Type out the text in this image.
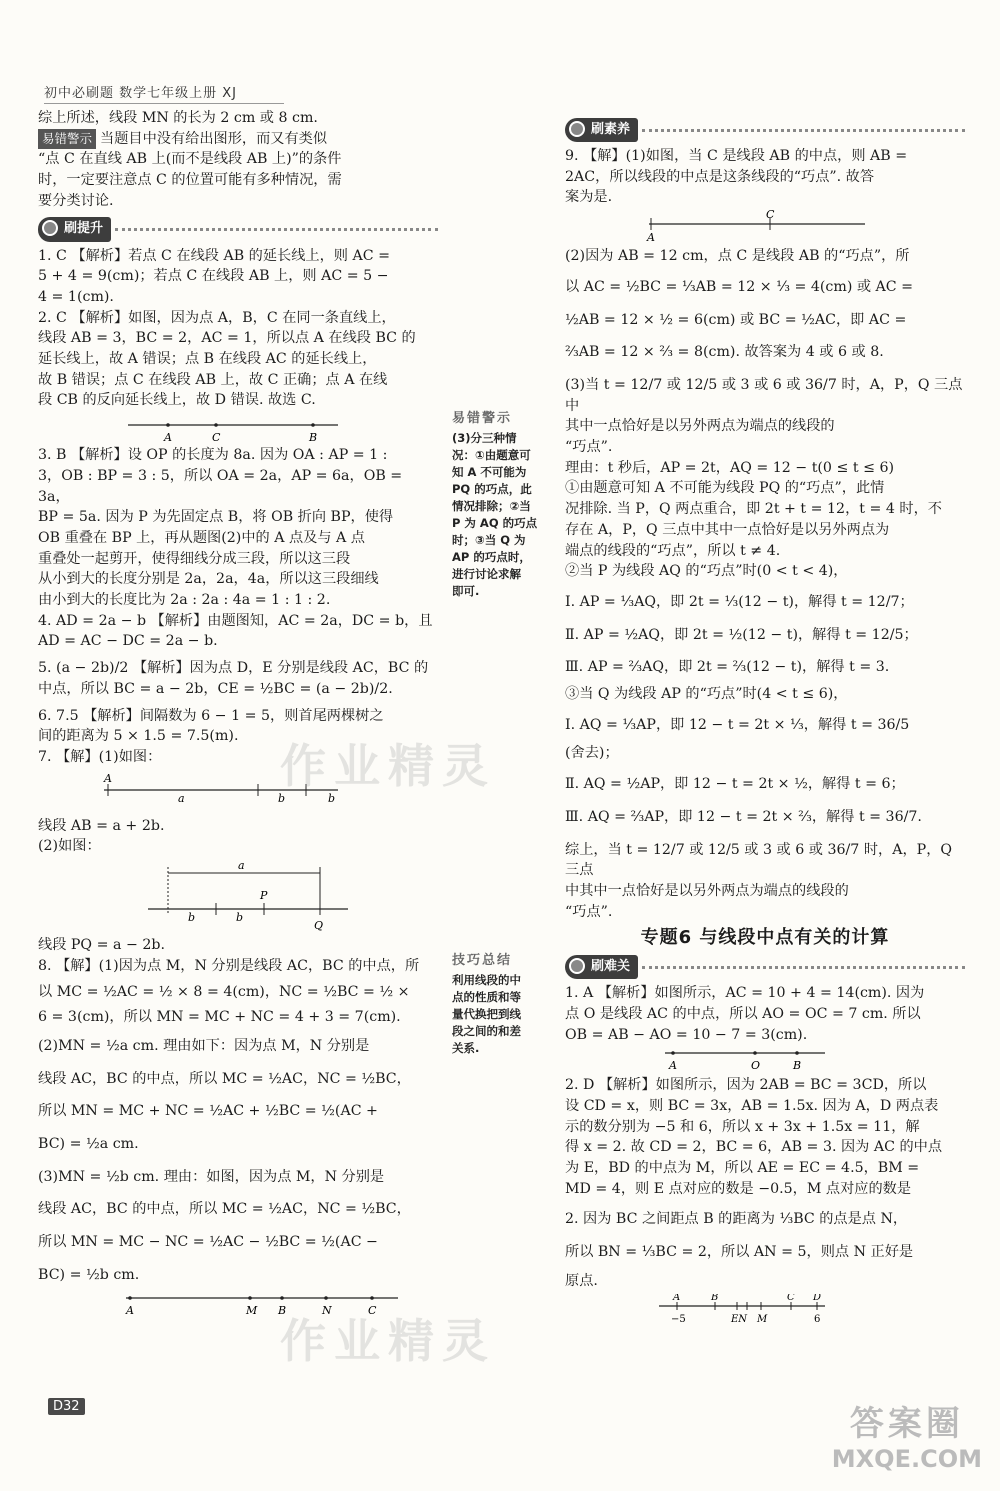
初中必刷题 数学七年级上册 XJ

综上所述，线段 MN 的长为 2 cm 或 8 cm.

易错警示 当题目中没有给出图形，而又有类似

“点 C 在直线 AB 上(而不是线段 AB 上)”的条件

时，一定要注意点 C 的位置可能有多种情况，需

要分类讨论.

刷提升

1. C 【解析】若点 C 在线段 AB 的延长线上，则 AC =

5 + 4 = 9(cm)；若点 C 在线段 AB 上，则 AC = 5 −

4 = 1(cm).

2. C 【解析】如图，因为点 A，B，C 在同一条直线上，

线段 AB = 3，BC = 2，AC = 1，所以点 A 在线段 BC 的

延长线上，故 A 错误；点 B 在线段 AC 的延长线上，

故 B 错误；点 C 在线段 AB 上，故 C 正确；点 A 在线

段 CB 的反向延长线上，故 D 错误. 故选 C.

A	C	B

3. B 【解析】设 OP 的长度为 8a. 因为 OA : AP = 1 :

3，OB : BP = 3 : 5，所以 OA = 2a，AP = 6a，OB = 3a，

BP = 5a. 因为 P 为先固定点 B，将 OB 折向 BP，使得

OB 重叠在 BP 上，再从题图(2)中的 A 点及与 A 点

重叠处一起剪开，使得细线分成三段，所以这三段

从小到大的长度分别是 2a，2a，4a，所以这三段细线

由小到大的长度比为 2a : 2a : 4a = 1 : 1 : 2.

4. AD = 2a − b 【解析】由题图知，AC = 2a，DC = b，且

AD = AC − DC = 2a − b.

5. (a − 2b)/2 【解析】因为点 D，E 分别是线段 AC，BC 的

中点，所以 BC = a − 2b，CE = ½BC = (a − 2b)/2.

6. 7.5 【解析】间隔数为 6 − 1 = 5，则首尾两棵树之

间的距离为 5 × 1.5 = 7.5(m).

7. 【解】(1)如图：

A
a	b	b

线段 AB = a + 2b.

(2)如图：

a
P
b	b
Q

线段 PQ = a − 2b.

8. 【解】(1)因为点 M，N 分别是线段 AC，BC 的中点，所

以 MC = ½AC = ½ × 8 = 4(cm)，NC = ½BC = ½ ×

6 = 3(cm)，所以 MN = MC + NC = 4 + 3 = 7(cm).

(2)MN = ½a cm. 理由如下：因为点 M，N 分别是

线段 AC，BC 的中点，所以 MC = ½AC，NC = ½BC，

所以 MN = MC + NC = ½AC + ½BC = ½(AC +

BC) = ½a cm.

(3)MN = ½b cm. 理由：如图，因为点 M，N 分别是

线段 AC，BC 的中点，所以 MC = ½AC，NC = ½BC，

所以 MN = MC − NC = ½AC − ½BC = ½(AC −

BC) = ½b cm.

A	M B	N	C
易错警示
(3)分三种情
况：①由题意可
知 A 不可能为
PQ 的巧点，此
情况排除；②当
P 为 AQ 的巧点
时；③当 Q 为
AP 的巧点时，
进行讨论求解
即可.
技巧总结
利用线段的中
点的性质和等
量代换把到线
段之间的和差
关系.
刷素养

9. 【解】(1)如图，当 C 是线段 AB 的中点，则 AB =

2AC，所以线段的中点是这条线段的“巧点”. 故答

案为是.

C
A

(2)因为 AB = 12 cm，点 C 是线段 AB 的“巧点”，所

以 AC = ½BC = ⅓AB = 12 × ⅓ = 4(cm) 或 AC =

½AB = 12 × ½ = 6(cm) 或 BC = ½AC，即 AC =

⅔AB = 12 × ⅔ = 8(cm). 故答案为 4 或 6 或 8.

(3)当 t = 12/7 或 12/5 或 3 或 6 或 36/7 时，A，P，Q 三点中

其中一点恰好是以另外两点为端点的线段的

“巧点”.

理由：t 秒后，AP = 2t，AQ = 12 − t(0 ≤ t ≤ 6)

①由题意可知 A 不可能为线段 PQ 的“巧点”，此情

况排除. 当 P，Q 两点重合，即 2t + t = 12，t = 4 时，不

存在 A，P，Q 三点中其中一点恰好是以另外两点为

端点的线段的“巧点”，所以 t ≠ 4.

②当 P 为线段 AQ 的“巧点”时(0 < t < 4)，

Ⅰ. AP = ⅓AQ，即 2t = ⅓(12 − t)，解得 t = 12/7；

Ⅱ. AP = ½AQ，即 2t = ½(12 − t)，解得 t = 12/5；

Ⅲ. AP = ⅔AQ，即 2t = ⅔(12 − t)，解得 t = 3.

③当 Q 为线段 AP 的“巧点”时(4 < t ≤ 6)，

Ⅰ. AQ = ⅓AP，即 12 − t = 2t × ⅓，解得 t = 36/5

(舍去)；

Ⅱ. AQ = ½AP，即 12 − t = 2t × ½，解得 t = 6；

Ⅲ. AQ = ⅔AP，即 12 − t = 2t × ⅔，解得 t = 36/7.

综上，当 t = 12/7 或 12/5 或 3 或 6 或 36/7 时，A，P，Q 三点

中其中一点恰好是以另外两点为端点的线段的

“巧点”.

专题6 与线段中点有关的计算
刷难关

1. A 【解析】如图所示，AC = 10 + 4 = 14(cm). 因为

点 O 是线段 AC 的中点，所以 AO = OC = 7 cm. 所以

OB = AB − AO = 10 − 7 = 3(cm).

A	O	B

2. D 【解析】如图所示，因为 2AB = BC = 3CD，所以

设 CD = x，则 BC = 3x，AB = 1.5x. 因为 A，D 两点表

示的数分别为 −5 和 6，所以 x + 3x + 1.5x = 11，解

得 x = 2. 故 CD = 2，BC = 6，AB = 3. 因为 AC 的中点

为 E，BD 的中点为 M，所以 AE = EC = 4.5，BM =

MD = 4，则 E 点对应的数是 −0.5，M 点对应的数是

2. 因为 BC 之间距点 B 的距离为 ⅓BC 的点是点 N，

所以 BN = ⅓BC = 2，所以 AN = 5，则点 N 正好是

原点.

A	B	C D
−5	EN M	6
D32
作业精灵
作业精灵
答案圈
MXQE.COM
